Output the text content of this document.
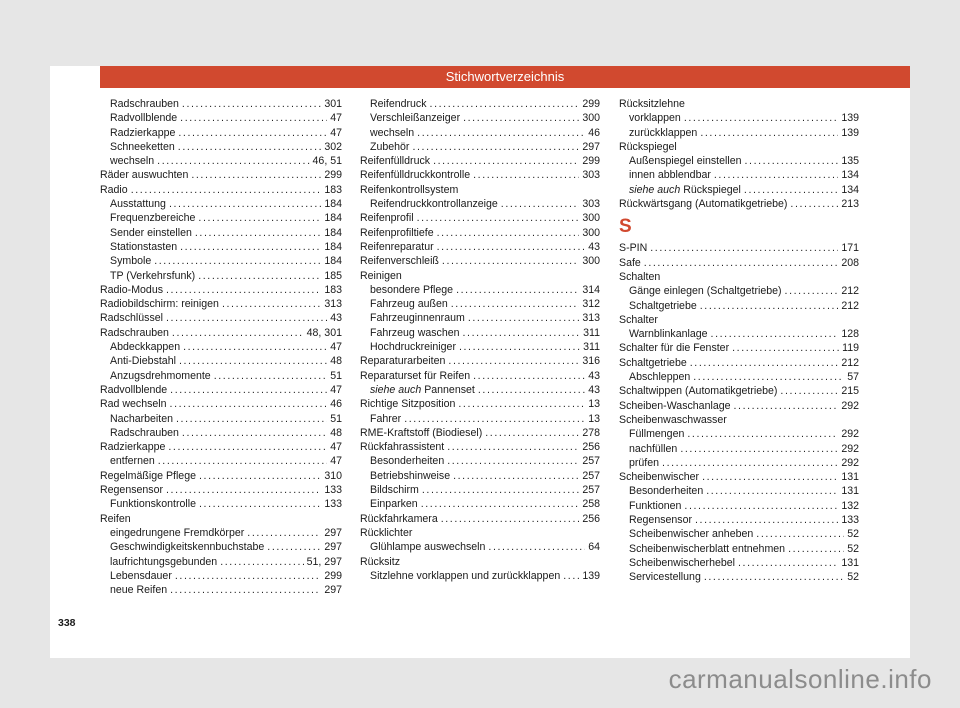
Stichwortverzeichnis
Radschrauben .....	301
Radvollblende .....	47
Radzierkappe .....	47
Schneeketten .....	302
wechseln .....	46, 51
Räder auswuchten .....	299
Radio .....	183
Ausstattung .....	184
Frequenzbereiche .....	184
Sender einstellen .....	184
Stationstasten .....	184
Symbole .....	184
TP (Verkehrsfunk) .....	185
Radio-Modus .....	183
Radiobildschirm: reinigen .....	313
Radschlüssel .....	43
Radschrauben .....	48, 301
Abdeckkappen .....	47
Anti-Diebstahl .....	48
Anzugsdrehmomente .....	51
Radvollblende .....	47
Rad wechseln .....	46
Nacharbeiten .....	51
Radschrauben .....	48
Radzierkappe .....	47
entfernen .....	47
Regelmäßige Pflege .....	310
Regensensor .....	133
Funktionskontrolle .....	133
Reifen
eingedrungene Fremdkörper .....	297
Geschwindigkeitskennbuchstabe .....	297
laufrichtungsgebunden .....	51, 297
Lebensdauer .....	299
neue Reifen .....	297
Reifendruck .....	299
Verschleißanzeiger .....	300
wechseln .....	46
Zubehör .....	297
Reifenfülldruck .....	299
Reifenfülldruckkontrolle .....	303
Reifenkontrollsystem
Reifendruckkontrollanzeige .....	303
Reifenprofil .....	300
Reifenprofiltiefe .....	300
Reifenreparatur .....	43
Reifenverschleiß .....	300
Reinigen
besondere Pflege .....	314
Fahrzeug außen .....	312
Fahrzeuginnenraum .....	313
Fahrzeug waschen .....	311
Hochdruckreiniger .....	311
Reparaturarbeiten .....	316
Reparaturset für Reifen .....	43
siehe auch Pannenset .....	43
Richtige Sitzposition .....	13
Fahrer .....	13
RME-Kraftstoff (Biodiesel) .....	278
Rückfahrassistent .....	256
Besonderheiten .....	257
Betriebshinweise .....	257
Bildschirm .....	257
Einparken .....	258
Rückfahrkamera .....	256
Rücklichter
Glühlampe auswechseln .....	64
Rücksitz
Sitzlehne vorklappen und zurückklappen ..... 139
Rücksitzlehne
vorklappen .....	139
zurückklappen .....	139
Rückspiegel
Außenspiegel einstellen .....	135
innen abblendbar .....	134
siehe auch Rückspiegel .....	134
Rückwärtsgang (Automatikgetriebe) .....	213
S
S-PIN .....	171
Safe .....	208
Schalten
Gänge einlegen (Schaltgetriebe) .....	212
Schaltgetriebe .....	212
Schalter
Warnblinkanlage .....	128
Schalter für die Fenster .....	119
Schaltgetriebe .....	212
Abschleppen .....	57
Schaltwippen (Automatikgetriebe) .....	215
Scheiben-Waschanlage .....	292
Scheibenwaschwasser
Füllmengen .....	292
nachfüllen .....	292
prüfen .....	292
Scheibenwischer .....	131
Besonderheiten .....	131
Funktionen .....	132
Regensensor .....	133
Scheibenwischer anheben .....	52
Scheibenwischerblatt entnehmen .....	52
Scheibenwischerhebel .....	131
Servicestellung .....	52
338
carmanualsonline.info
